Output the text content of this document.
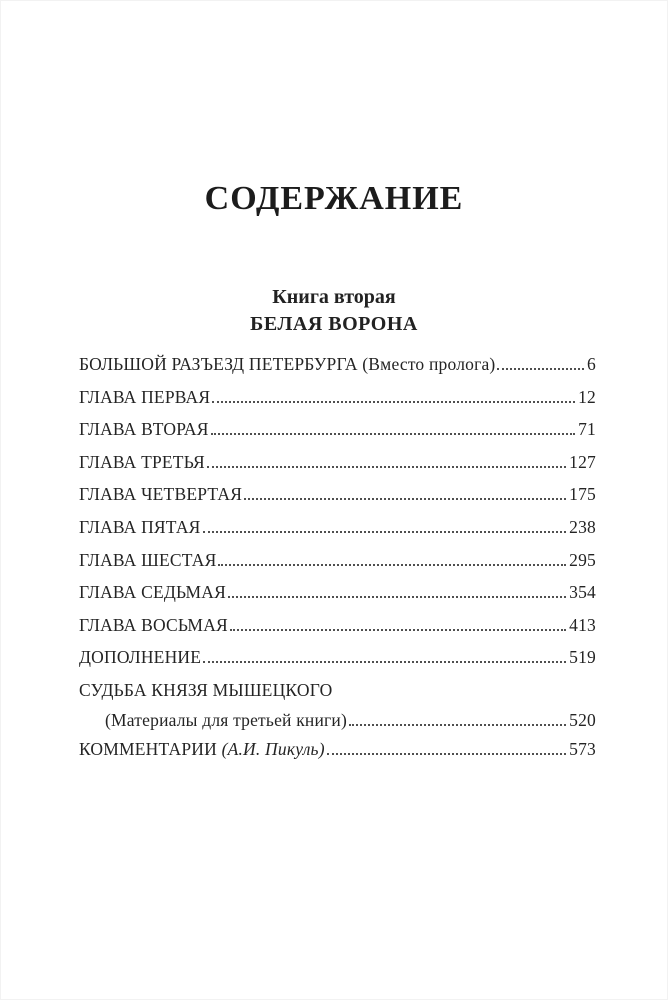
СОДЕРЖАНИЕ
Книга вторая
БЕЛАЯ ВОРОНА
БОЛЬШОЙ РАЗЪЕЗД ПЕТЕРБУРГА (Вместо пролога)	6
ГЛАВА ПЕРВАЯ	12
ГЛАВА ВТОРАЯ	71
ГЛАВА ТРЕТЬЯ	127
ГЛАВА ЧЕТВЕРТАЯ	175
ГЛАВА ПЯТАЯ	238
ГЛАВА ШЕСТАЯ	295
ГЛАВА СЕДЬМАЯ	354
ГЛАВА ВОСЬМАЯ	413
ДОПОЛНЕНИЕ	519
СУДЬБА КНЯЗЯ МЫШЕЦКОГО
(Материалы для третьей книги)	520
КОММЕНТАРИИ (А.И. Пикуль)	573
